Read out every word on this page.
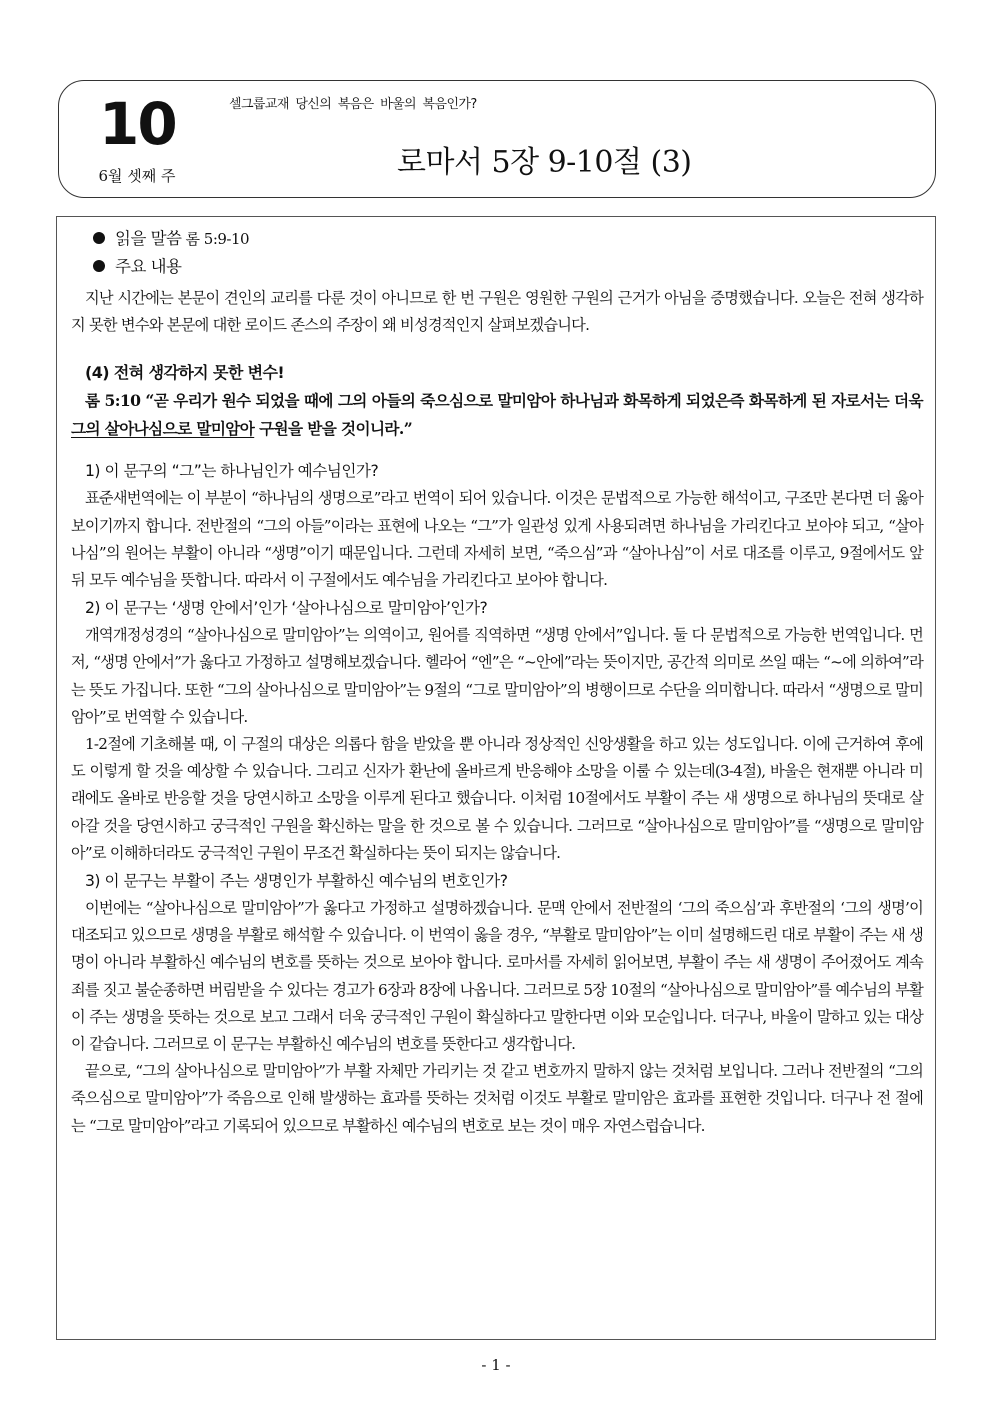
10
6월 셋째 주
셀그룹교재 당신의 복음은 바울의 복음인가?
로마서 5장 9-10절 (3)
읽을 말씀 롬 5:9-10
주요 내용

지난 시간에는 본문이 견인의 교리를 다룬 것이 아니므로 한 번 구원은 영원한 구원의 근거가 아님을 증명했습니다. 오늘은 전혀 생각하지 못한 변수와 본문에 대한 로이드 존스의 주장이 왜 비성경적인지 살펴보겠습니다.

(4) 전혀 생각하지 못한 변수!

롬 5:10 “곧 우리가 원수 되었을 때에 그의 아들의 죽으심으로 말미암아 하나님과 화목하게 되었은즉 화목하게 된 자로서는 더욱 그의 살아나심으로 말미암아 구원을 받을 것이니라.”

1) 이 문구의 “그”는 하나님인가 예수님인가?

표준새번역에는 이 부분이 “하나님의 생명으로”라고 번역이 되어 있습니다. 이것은 문법적으로 가능한 해석이고, 구조만 본다면 더 옳아 보이기까지 합니다. 전반절의 “그의 아들”이라는 표현에 나오는 “그”가 일관성 있게 사용되려면 하나님을 가리킨다고 보아야 되고, “살아나심”의 원어는 부활이 아니라 “생명”이기 때문입니다. 그런데 자세히 보면, “죽으심”과 “살아나심”이 서로 대조를 이루고, 9절에서도 앞뒤 모두 예수님을 뜻합니다. 따라서 이 구절에서도 예수님을 가리킨다고 보아야 합니다.

2) 이 문구는 ‘생명 안에서’인가 ‘살아나심으로 말미암아’인가?

개역개정성경의 “살아나심으로 말미암아”는 의역이고, 원어를 직역하면 “생명 안에서”입니다. 둘 다 문법적으로 가능한 번역입니다. 먼저, “생명 안에서”가 옳다고 가정하고 설명해보겠습니다. 헬라어 “엔”은 “~안에”라는 뜻이지만, 공간적 의미로 쓰일 때는 “~에 의하여”라는 뜻도 가집니다. 또한 “그의 살아나심으로 말미암아”는 9절의 “그로 말미암아”의 병행이므로 수단을 의미합니다. 따라서 “생명으로 말미암아”로 번역할 수 있습니다.

1-2절에 기초해볼 때, 이 구절의 대상은 의롭다 함을 받았을 뿐 아니라 정상적인 신앙생활을 하고 있는 성도입니다. 이에 근거하여 후에도 이렇게 할 것을 예상할 수 있습니다. 그리고 신자가 환난에 올바르게 반응해야 소망을 이룰 수 있는데(3-4절), 바울은 현재뿐 아니라 미래에도 올바로 반응할 것을 당연시하고 소망을 이루게 된다고 했습니다. 이처럼 10절에서도 부활이 주는 새 생명으로 하나님의 뜻대로 살아갈 것을 당연시하고 궁극적인 구원을 확신하는 말을 한 것으로 볼 수 있습니다. 그러므로 “살아나심으로 말미암아”를 “생명으로 말미암아”로 이해하더라도 궁극적인 구원이 무조건 확실하다는 뜻이 되지는 않습니다.

3) 이 문구는 부활이 주는 생명인가 부활하신 예수님의 변호인가?

이번에는 “살아나심으로 말미암아”가 옳다고 가정하고 설명하겠습니다. 문맥 안에서 전반절의 ‘그의 죽으심’과 후반절의 ‘그의 생명’이 대조되고 있으므로 생명을 부활로 해석할 수 있습니다. 이 번역이 옳을 경우, “부활로 말미암아”는 이미 설명해드린 대로 부활이 주는 새 생명이 아니라 부활하신 예수님의 변호를 뜻하는 것으로 보아야 합니다. 로마서를 자세히 읽어보면, 부활이 주는 새 생명이 주어졌어도 계속 죄를 짓고 불순종하면 버림받을 수 있다는 경고가 6장과 8장에 나옵니다. 그러므로 5장 10절의 “살아나심으로 말미암아”를 예수님의 부활이 주는 생명을 뜻하는 것으로 보고 그래서 더욱 궁극적인 구원이 확실하다고 말한다면 이와 모순입니다. 더구나, 바울이 말하고 있는 대상이 같습니다. 그러므로 이 문구는 부활하신 예수님의 변호를 뜻한다고 생각합니다.

끝으로, “그의 살아나심으로 말미암아”가 부활 자체만 가리키는 것 같고 변호까지 말하지 않는 것처럼 보입니다. 그러나 전반절의 “그의 죽으심으로 말미암아”가 죽음으로 인해 발생하는 효과를 뜻하는 것처럼 이것도 부활로 말미암은 효과를 표현한 것입니다. 더구나 전 절에는 “그로 말미암아”라고 기록되어 있으므로 부활하신 예수님의 변호로 보는 것이 매우 자연스럽습니다.

- 1 -
